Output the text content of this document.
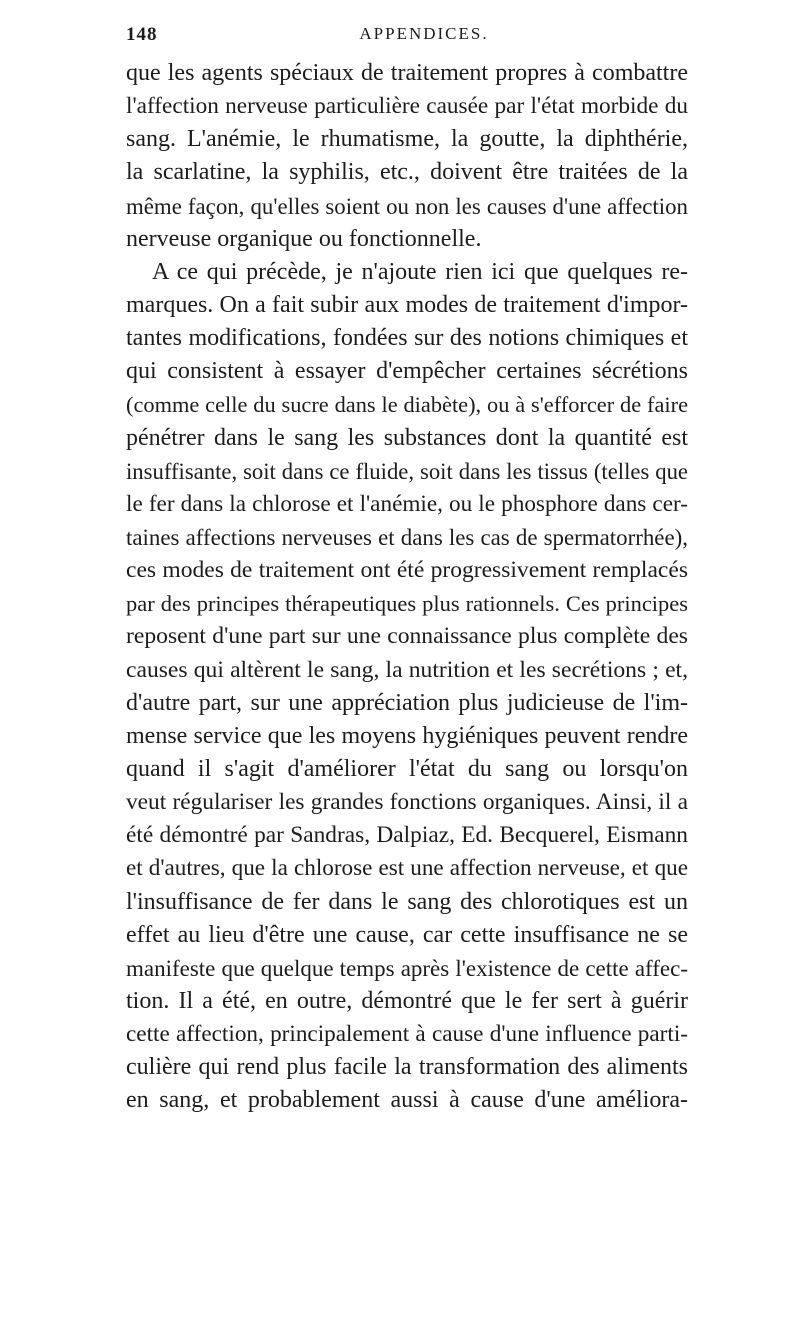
148	APPENDICES.
que les agents spéciaux de traitement propres à combattre
l'affection nerveuse particulière causée par l'état morbide du
sang. L'anémie, le rhumatisme, la goutte, la diphthérie,
la scarlatine, la syphilis, etc., doivent être traitées de la
même façon, qu'elles soient ou non les causes d'une affection
nerveuse organique ou fonctionnelle.
A ce qui précède, je n'ajoute rien ici que quelques re-
marques. On a fait subir aux modes de traitement d'impor-
tantes modifications, fondées sur des notions chimiques et
qui consistent à essayer d'empêcher certaines sécrétions
(comme celle du sucre dans le diabète), ou à s'efforcer de faire
pénétrer dans le sang les substances dont la quantité est
insuffisante, soit dans ce fluide, soit dans les tissus (telles que
le fer dans la chlorose et l'anémie, ou le phosphore dans cer-
taines affections nerveuses et dans les cas de spermatorrhée),
ces modes de traitement ont été progressivement remplacés
par des principes thérapeutiques plus rationnels. Ces principes
reposent d'une part sur une connaissance plus complète des
causes qui altèrent le sang, la nutrition et les secrétions ; et,
d'autre part, sur une appréciation plus judicieuse de l'im-
mense service que les moyens hygiéniques peuvent rendre
quand il s'agit d'améliorer l'état du sang ou lorsqu'on
veut régulariser les grandes fonctions organiques. Ainsi, il a
été démontré par Sandras, Dalpiaz, Ed. Becquerel, Eismann
et d'autres, que la chlorose est une affection nerveuse, et que
l'insuffisance de fer dans le sang des chlorotiques est un
effet au lieu d'être une cause, car cette insuffisance ne se
manifeste que quelque temps après l'existence de cette affec-
tion. Il a été, en outre, démontré que le fer sert à guérir
cette affection, principalement à cause d'une influence parti-
culière qui rend plus facile la transformation des aliments
en sang, et probablement aussi à cause d'une améliora-
